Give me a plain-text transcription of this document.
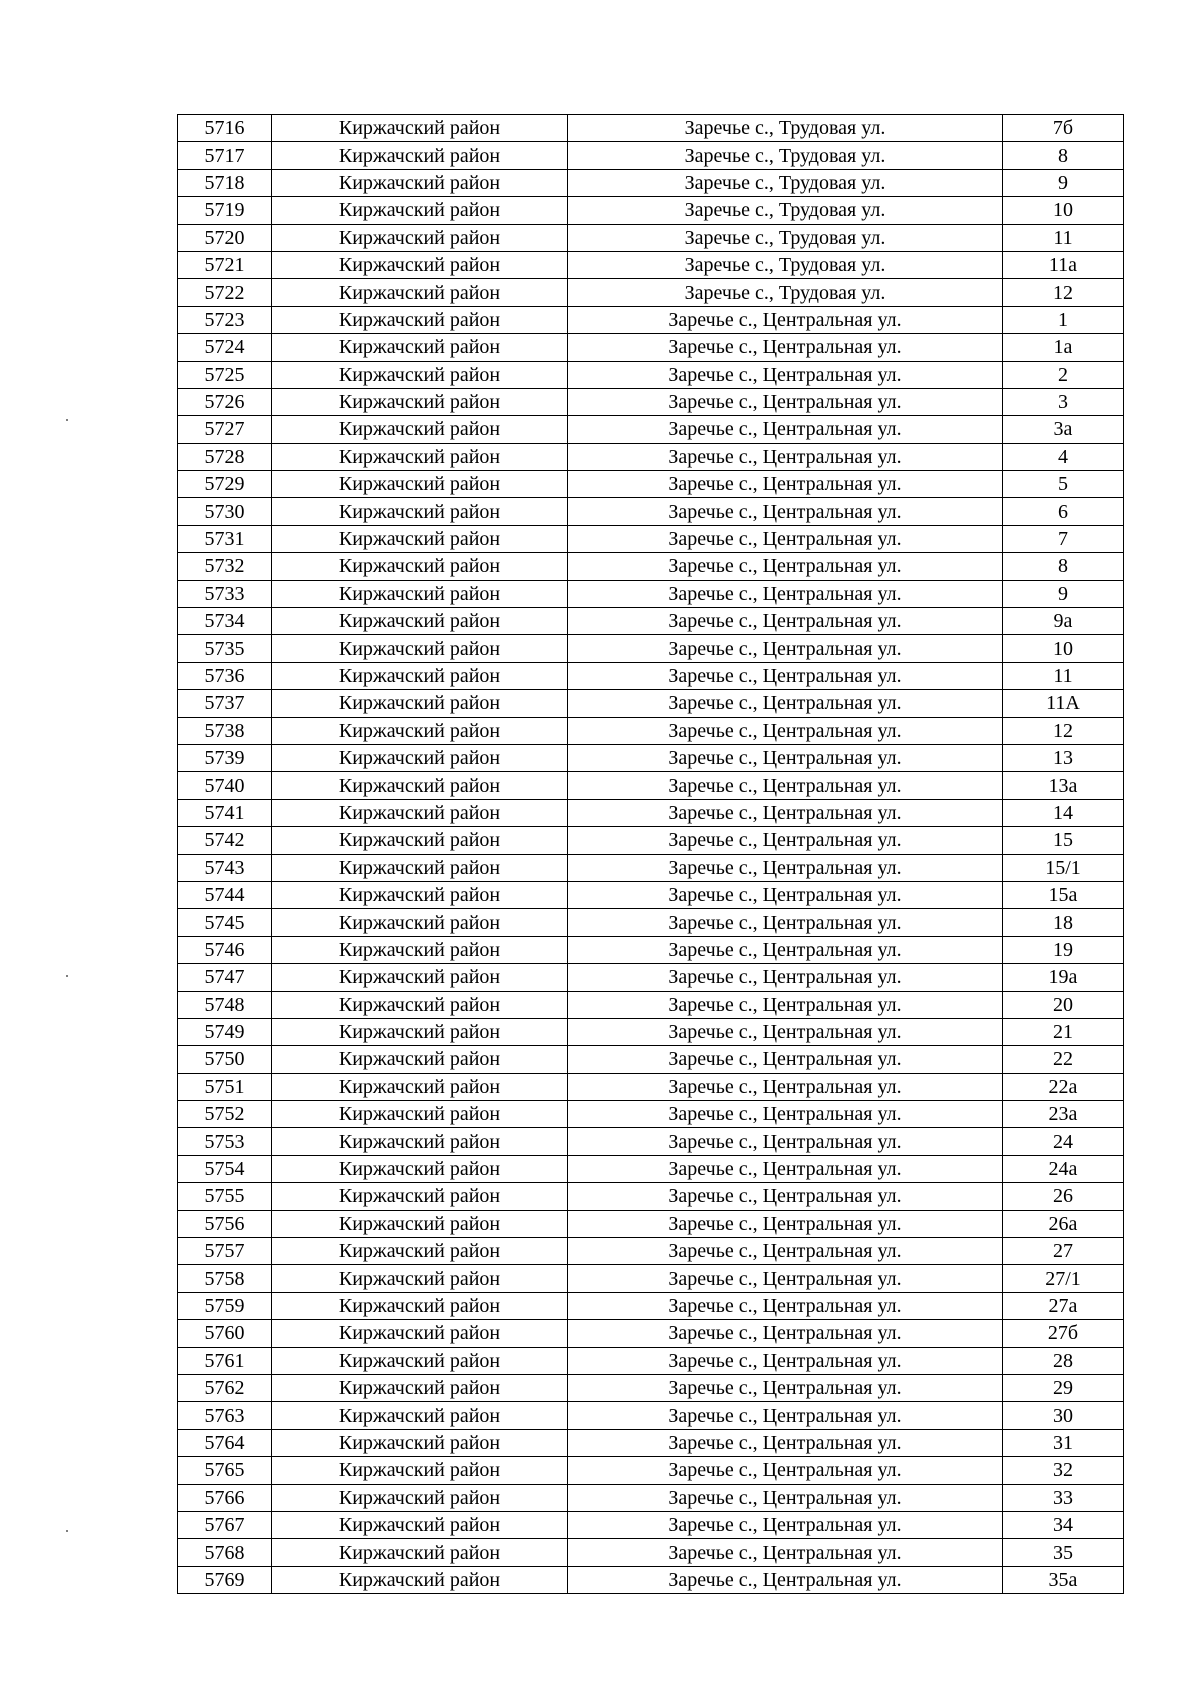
5716	Киржачский район	Заречье с., Трудовая ул.	7б
5717	Киржачский район	Заречье с., Трудовая ул.	8
5718	Киржачский район	Заречье с., Трудовая ул.	9
5719	Киржачский район	Заречье с., Трудовая ул.	10
5720	Киржачский район	Заречье с., Трудовая ул.	11
5721	Киржачский район	Заречье с., Трудовая ул.	11а
5722	Киржачский район	Заречье с., Трудовая ул.	12
5723	Киржачский район	Заречье с., Центральная ул.	1
5724	Киржачский район	Заречье с., Центральная ул.	1а
5725	Киржачский район	Заречье с., Центральная ул.	2
5726	Киржачский район	Заречье с., Центральная ул.	3
5727	Киржачский район	Заречье с., Центральная ул.	3а
5728	Киржачский район	Заречье с., Центральная ул.	4
5729	Киржачский район	Заречье с., Центральная ул.	5
5730	Киржачский район	Заречье с., Центральная ул.	6
5731	Киржачский район	Заречье с., Центральная ул.	7
5732	Киржачский район	Заречье с., Центральная ул.	8
5733	Киржачский район	Заречье с., Центральная ул.	9
5734	Киржачский район	Заречье с., Центральная ул.	9а
5735	Киржачский район	Заречье с., Центральная ул.	10
5736	Киржачский район	Заречье с., Центральная ул.	11
5737	Киржачский район	Заречье с., Центральная ул.	11А
5738	Киржачский район	Заречье с., Центральная ул.	12
5739	Киржачский район	Заречье с., Центральная ул.	13
5740	Киржачский район	Заречье с., Центральная ул.	13а
5741	Киржачский район	Заречье с., Центральная ул.	14
5742	Киржачский район	Заречье с., Центральная ул.	15
5743	Киржачский район	Заречье с., Центральная ул.	15/1
5744	Киржачский район	Заречье с., Центральная ул.	15а
5745	Киржачский район	Заречье с., Центральная ул.	18
5746	Киржачский район	Заречье с., Центральная ул.	19
5747	Киржачский район	Заречье с., Центральная ул.	19а
5748	Киржачский район	Заречье с., Центральная ул.	20
5749	Киржачский район	Заречье с., Центральная ул.	21
5750	Киржачский район	Заречье с., Центральная ул.	22
5751	Киржачский район	Заречье с., Центральная ул.	22а
5752	Киржачский район	Заречье с., Центральная ул.	23а
5753	Киржачский район	Заречье с., Центральная ул.	24
5754	Киржачский район	Заречье с., Центральная ул.	24а
5755	Киржачский район	Заречье с., Центральная ул.	26
5756	Киржачский район	Заречье с., Центральная ул.	26а
5757	Киржачский район	Заречье с., Центральная ул.	27
5758	Киржачский район	Заречье с., Центральная ул.	27/1
5759	Киржачский район	Заречье с., Центральная ул.	27а
5760	Киржачский район	Заречье с., Центральная ул.	27б
5761	Киржачский район	Заречье с., Центральная ул.	28
5762	Киржачский район	Заречье с., Центральная ул.	29
5763	Киржачский район	Заречье с., Центральная ул.	30
5764	Киржачский район	Заречье с., Центральная ул.	31
5765	Киржачский район	Заречье с., Центральная ул.	32
5766	Киржачский район	Заречье с., Центральная ул.	33
5767	Киржачский район	Заречье с., Центральная ул.	34
5768	Киржачский район	Заречье с., Центральная ул.	35
5769	Киржачский район	Заречье с., Центральная ул.	35а
